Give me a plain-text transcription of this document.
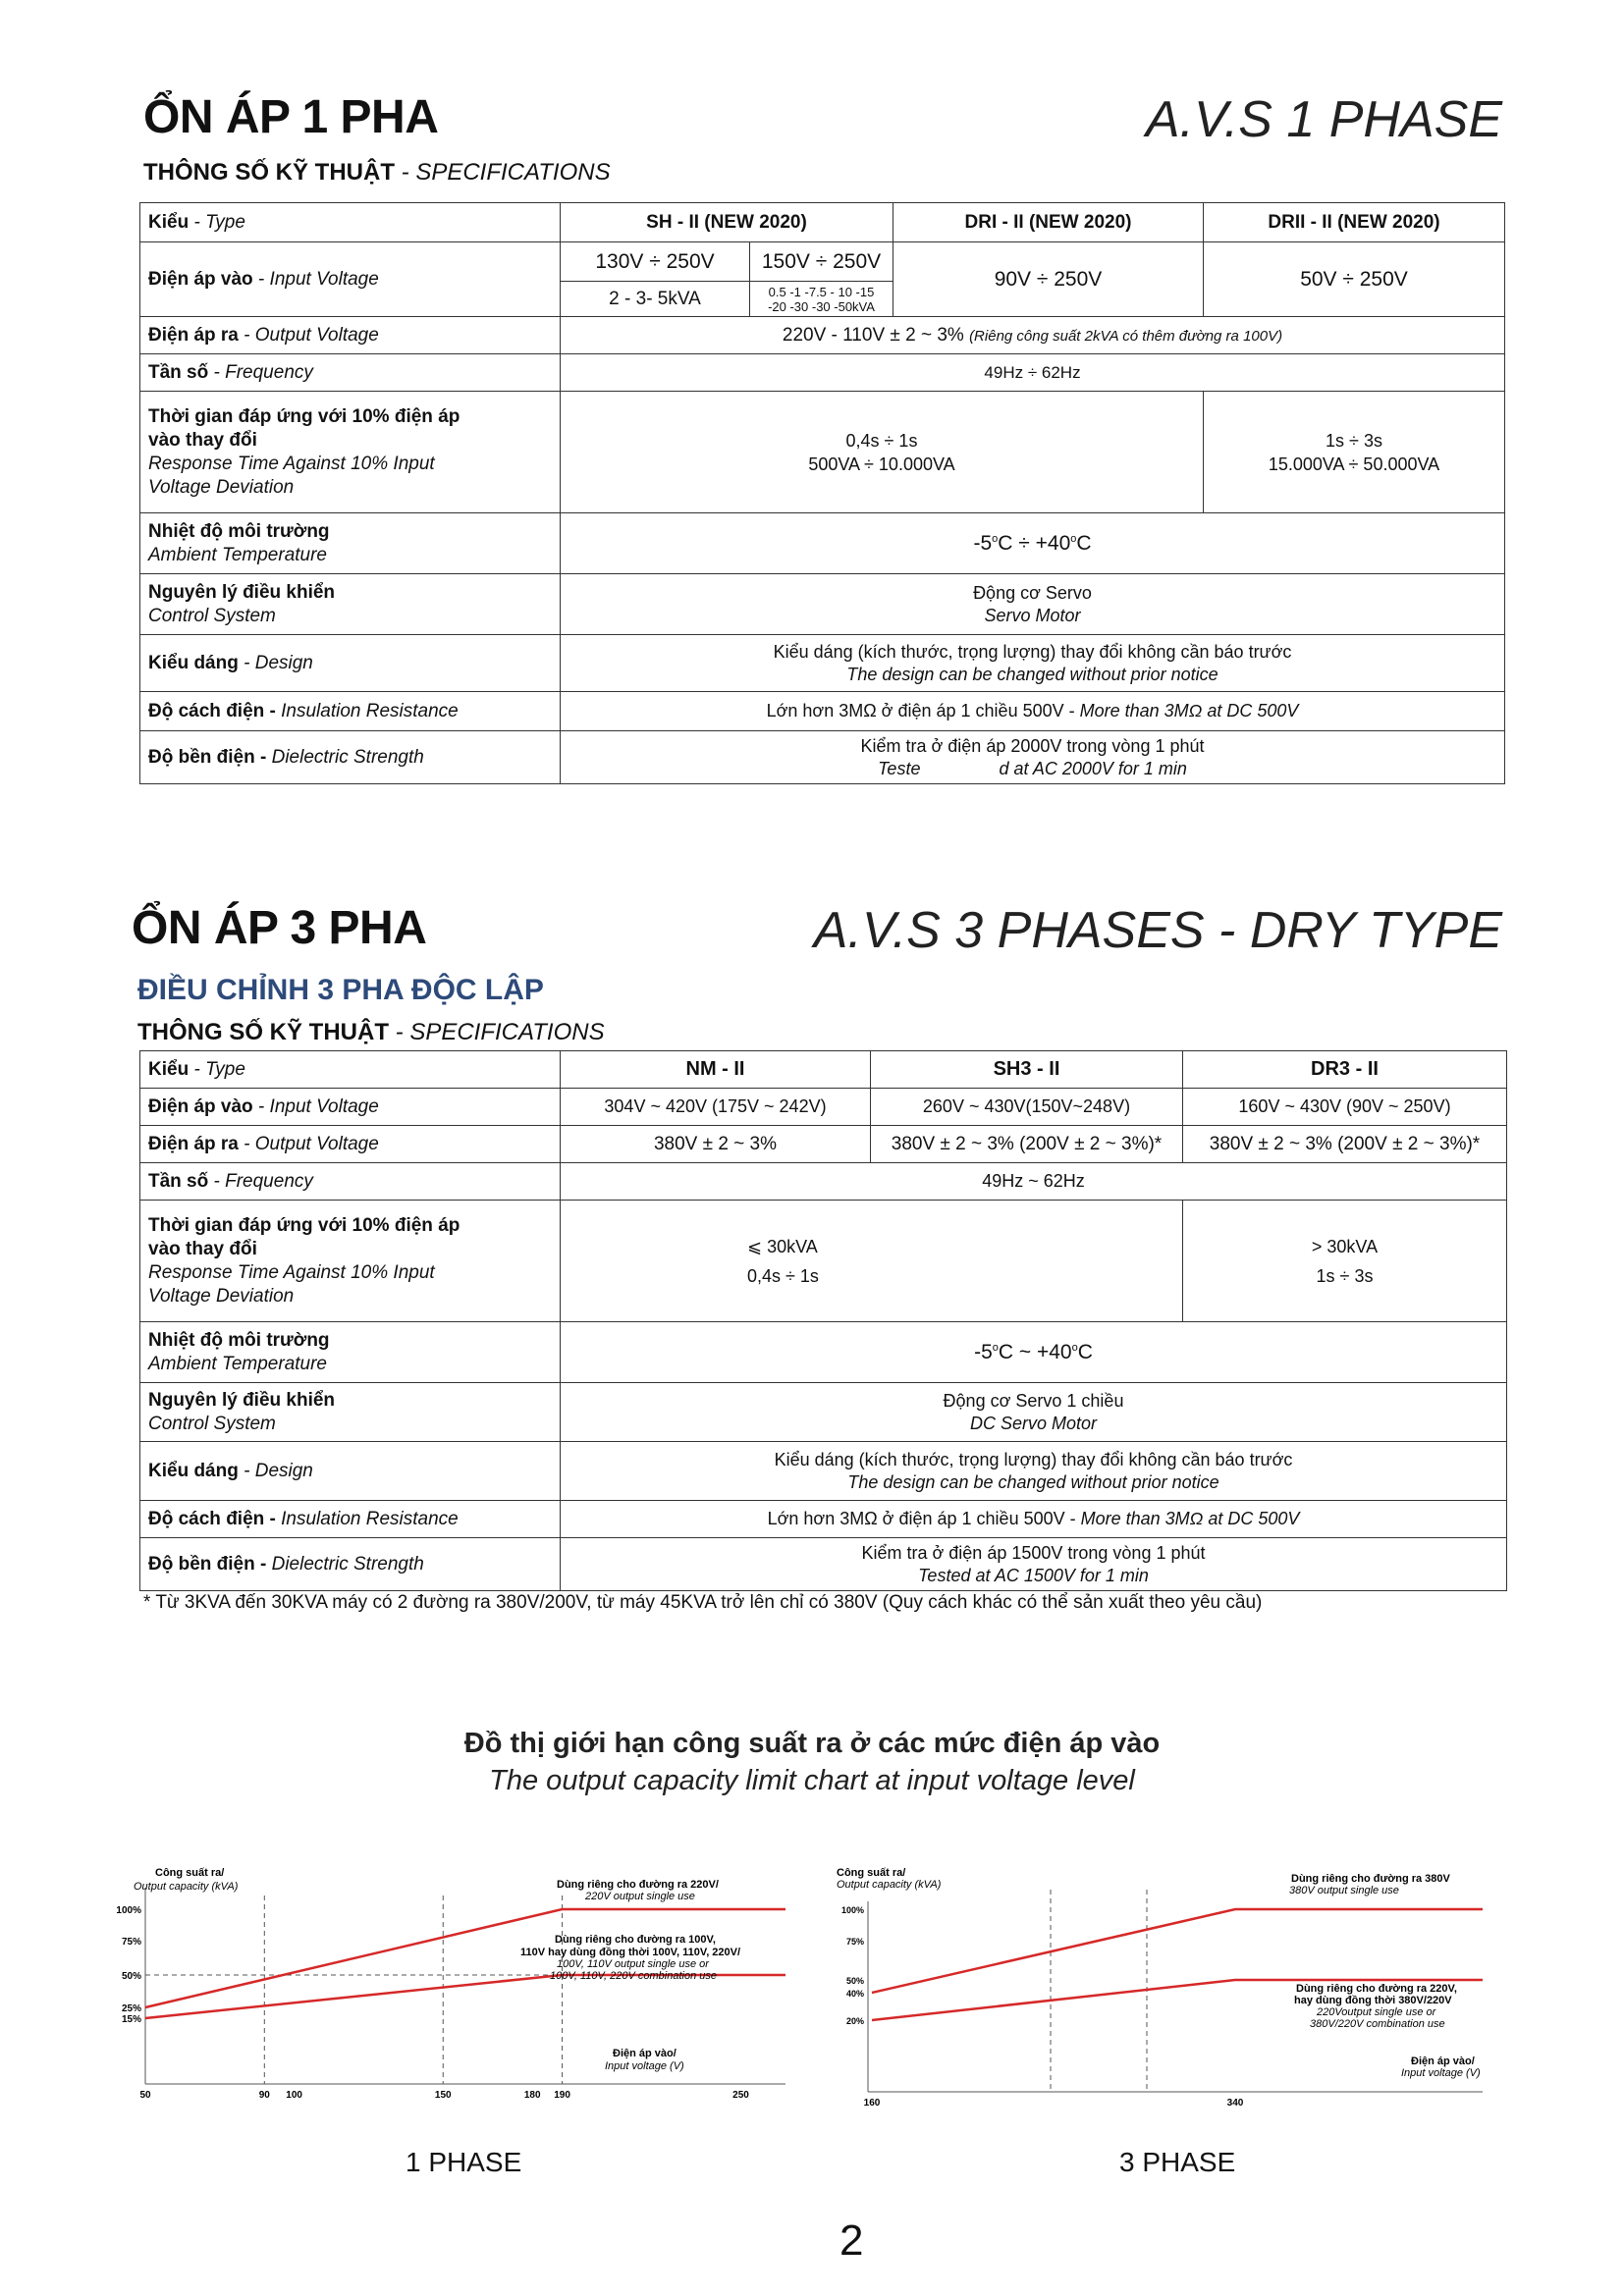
ỔN ÁP 1 PHA	A.V.S 1 PHASE
THÔNG SỐ KỸ THUẬT - SPECIFICATIONS
Kiểu - Type	SH - II (NEW 2020)		DRI - II (NEW 2020)	DRII - II (NEW 2020)
Điện áp vào - Input Voltage	130V ÷ 250V	150V ÷ 250V	90V ÷ 250V	50V ÷ 250V
	2 - 3- 5kVA	0.5 -1 -7.5 - 10 -15
-20 -30 -30 -50kVA		
Điện áp ra - Output Voltage	220V - 110V ± 2 ~ 3% (Riêng công suất 2kVA có thêm đường ra 100V)			
Tần số - Frequency	49Hz ÷ 62Hz			
Thời gian đáp ứng với 10% điện áp
vào thay đổi
Response Time Against 10% Input
Voltage Deviation	0,4s ÷ 1s
500VA ÷ 10.000VA			1s ÷ 3s
15.000VA ÷ 50.000VA
Nhiệt độ môi trường
Ambient Temperature	$-5^oC \div +40^oC$			
Nguyên lý điều khiển
Control System	Động cơ Servo
Servo Motor			
Kiểu dáng - Design	Kiểu dáng (kích thước, trọng lượng) thay đổi không cần báo trước
The design can be changed without prior notice			
Độ cách điện - Insulation Resistance	Lớn hơn 3MΩ ở điện áp 1 chiều 500V - More than 3MΩ at DC 500V			
Độ bền điện - Dielectric Strength	Kiểm tra ở điện áp 2000V trong vòng 1 phút
Teste d at AC 2000V for 1 min			
ỔN ÁP 3 PHA	A.V.S 3 PHASES - DRY TYPE
ĐIỀU CHỈNH 3 PHA ĐỘC LẬP
THÔNG SỐ KỸ THUẬT - SPECIFICATIONS
Kiểu - Type	NM - II	SH3 - II	DR3 - II
Điện áp vào - Input Voltage	304V ~ 420V (175V ~ 242V)	260V ~ 430V(150V~248V)	160V ~ 430V (90V ~ 250V)
Điện áp ra - Output Voltage	380V ± 2 ~ 3%	380V ± 2 ~ 3% (200V ± 2 ~ 3%)*	380V ± 2 ~ 3% (200V ± 2 ~ 3%)*
Tần số - Frequency	49Hz ~ 62Hz		
Thời gian đáp ứng với 10% điện áp
vào thay đổi
Response Time Against 10% Input
Voltage Deviation	⩽ 30kVA
0,4s ÷ 1s		> 30kVA
1s ÷ 3s
Nhiệt độ môi trường
Ambient Temperature	-5$^o$C ~ $+40^oC$		
Nguyên lý điều khiển
Control System	Động cơ Servo 1 chiều
DC Servo Motor		
Kiểu dáng - Design	Kiểu dáng (kích thước, trọng lượng) thay đổi không cần báo trước
The design can be changed without prior notice		
Độ cách điện - Insulation Resistance	Lớn hơn 3MΩ ở điện áp 1 chiều 500V - More than 3MΩ at DC 500V		
Độ bền điện - Dielectric Strength	Kiểm tra ở điện áp 1500V trong vòng 1 phút
Tested at AC 1500V for 1 min		
* Từ 3KVA đến 30KVA máy có 2 đường ra 380V/200V, từ máy 45KVA trở lên chỉ có 380V (Quy cách khác có thể sản xuất theo yêu cầu)
Đồ thị giới hạn công suất ra ở các mức điện áp vào
The output capacity limit chart at input voltage level
Công suất ra/
Output capacity (kVA)
50	90 100	150	180 190	250
100%
75%
50%
25%
15%
Dùng riêng cho đường ra 220V/
220V output single use
Dùng riêng cho đường ra 100V,
110V hay dùng đồng thời 100V, 110V, 220V/
100V, 110V output single use or
100V, 110V, 220V combination use
Điện áp vào/
Input voltage (V)
1 PHASE
Công suất ra/
Output capacity (kVA)
160	340
100%
75%
50%
40%
20%
Dùng riêng cho đường ra 380V
380V output single use
Dùng riêng cho đường ra 220V,
hay dùng đồng thời 380V/220V
220Voutput single use or
380V/220V combination use
Điện áp vào/
Input voltage (V)
3 PHASE
2
